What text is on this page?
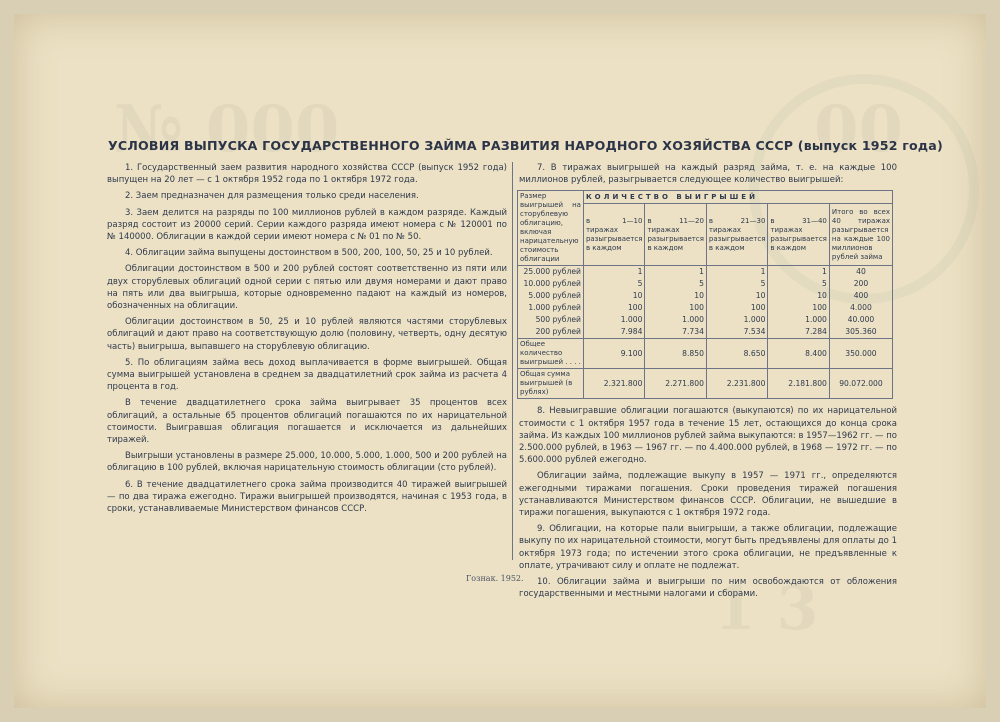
№ 000	00
1 3
УСЛОВИЯ ВЫПУСКА ГОСУДАРСТВЕННОГО ЗАЙМА РАЗВИТИЯ НАРОДНОГО ХОЗЯЙСТВА СССР (выпуск 1952 года)

1. Государственный заем развития народного хозяйства СССР (выпуск 1952 года) выпущен на 20 лет — с 1 октября 1952 года по 1 октября 1972 года.

2. Заем предназначен для размещения только среди населения.

3. Заем делится на разряды по 100 миллионов рублей в каждом разряде. Каждый разряд состоит из 20000 серий. Серии каждого разряда имеют номера с № 120001 по № 140000. Облигации в каждой серии имеют номера с № 01 по № 50.

4. Облигации займа выпущены достоинством в 500, 200, 100, 50, 25 и 10 рублей.

Облигации достоинством в 500 и 200 рублей состоят соответственно из пяти или двух сторублевых облигаций одной серии с пятью или двумя номерами и дают право на пять или два выигрыша, которые одновременно падают на каждый из номеров, обозначенных на облигации.

Облигации достоинством в 50, 25 и 10 рублей являются частями сторублевых облигаций и дают право на соответствующую долю (половину, четверть, одну десятую часть) выигрыша, выпавшего на сторублевую облигацию.

5. По облигациям займа весь доход выплачивается в форме выигрышей. Общая сумма выигрышей установлена в среднем за двадцатилетний срок займа из расчета 4 процента в год.

В течение двадцатилетнего срока займа выигрывает 35 процентов всех облигаций, а остальные 65 процентов облигаций погашаются по их нарицательной стоимости. Выигравшая облигация погашается и исключается из дальнейших тиражей.

Выигрыши установлены в размере 25.000, 10.000, 5.000, 1.000, 500 и 200 рублей на облигацию в 100 рублей, включая нарицательную стоимость облигации (сто рублей).

6. В течение двадцатилетнего срока займа производится 40 тиражей выигрышей — по два тиража ежегодно. Тиражи выигрышей производятся, начиная с 1953 года, в сроки, устанавливаемые Министерством финансов СССР.

7. В тиражах выигрышей на каждый разряд займа, т. е. на каждые 100 миллионов рублей, разыгрывается следующее количество выигрышей:

Размер выигрышей на сторублевую облигацию, включая нарицательную стоимость облигации	КОЛИЧЕСТВО ВЫИГРЫШЕЙ				
	в 1—10 тиражах разыгрывается в каждом	в 11—20 тиражах разыгрывается в каждом	в 21—30 тиражах разыгрывается в каждом	в 31—40 тиражах разыгрывается в каждом	Итого во всех 40 тиражах разыгрывается на каждые 100 миллионов рублей займа
25.000 рублей	1	1	1	1	40
10.000 рублей	5	5	5	5	200
5.000 рублей	10	10	10	10	400
1.000 рублей	100	100	100	100	4.000
500 рублей	1.000	1.000	1.000	1.000	40.000
200 рублей	7.984	7.734	7.534	7.284	305.360
Общее количество выигрышей . . . .	9.100	8.850	8.650	8.400	350.000
Общая сумма выигрышей (в рублях)	2.321.800	2.271.800	2.231.800	2.181.800	90.072.000

8. Невыигравшие облигации погашаются (выкупаются) по их нарицательной стоимости с 1 октября 1957 года в течение 15 лет, остающихся до конца срока займа. Из каждых 100 миллионов рублей займа выкупаются: в 1957—1962 гг. — по 2.500.000 рублей, в 1963 — 1967 гг. — по 4.400.000 рублей, в 1968 — 1972 гг. — по 5.600.000 рублей ежегодно.

Облигации займа, подлежащие выкупу в 1957 — 1971 гг., определяются ежегодными тиражами погашения. Сроки проведения тиражей погашения устанавливаются Министерством финансов СССР. Облигации, не вышедшие в тиражи погашения, выкупаются с 1 октября 1972 года.

9. Облигации, на которые пали выигрыши, а также облигации, подлежащие выкупу по их нарицательной стоимости, могут быть предъявлены для оплаты до 1 октября 1973 года; по истечении этого срока облигации, не предъявленные к оплате, утрачивают силу и оплате не подлежат.

10. Облигации займа и выигрыши по ним освобождаются от обложения государственными и местными налогами и сборами.

Гознак. 1952.
